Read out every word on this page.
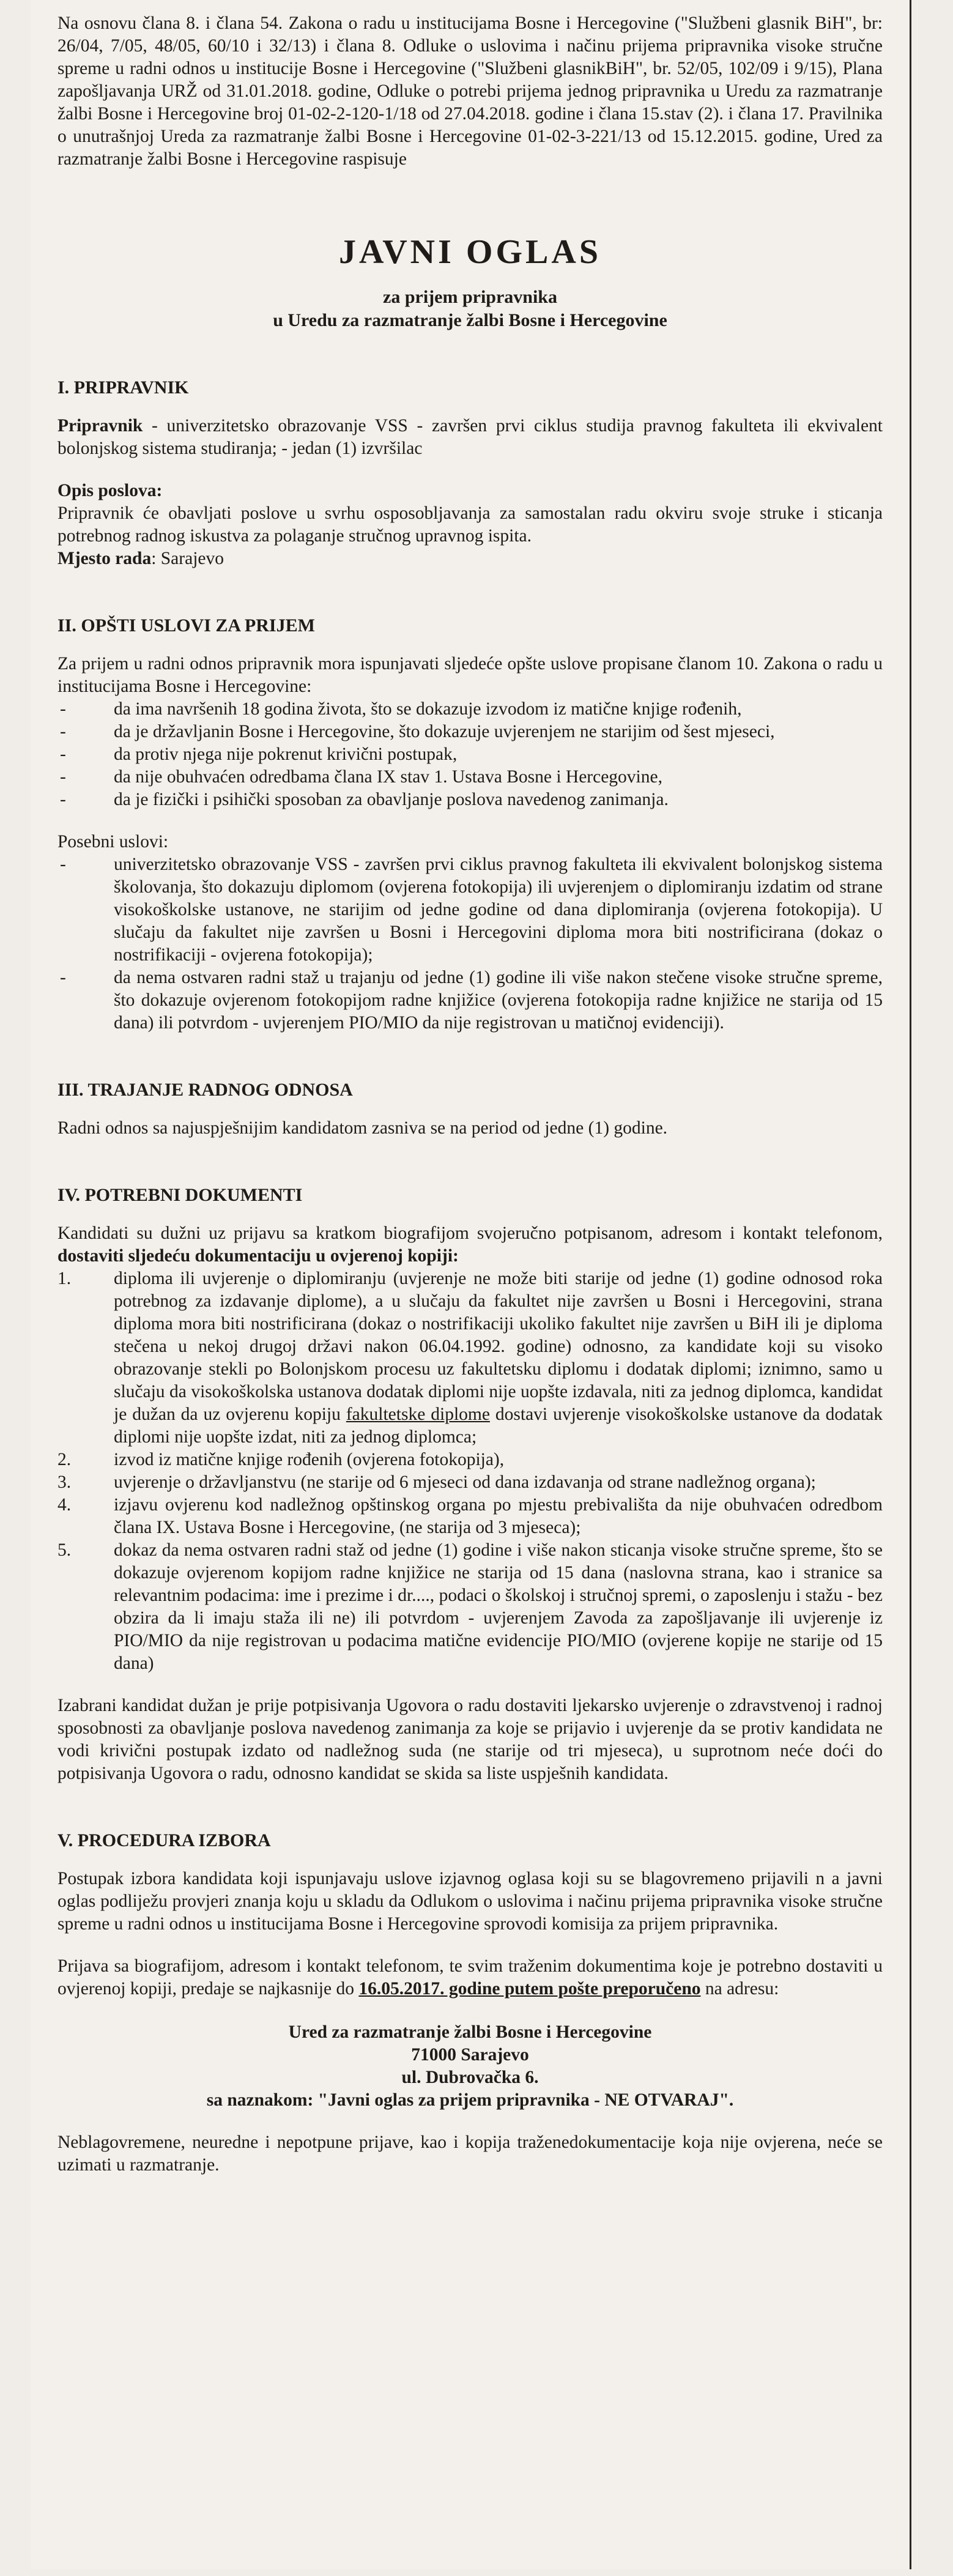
Na osnovu člana 8. i člana 54. Zakona o radu u institucijama Bosne i Hercegovine ("Službeni glasnik BiH", br: 26/04, 7/05, 48/05, 60/10 i 32/13) i člana 8. Odluke o uslovima i načinu prijema pripravnika visoke stručne spreme u radni odnos u institucije Bosne i Hercegovine ("Službeni glasnikBiH", br. 52/05, 102/09 i 9/15), Plana zapošljavanja URŽ od 31.01.2018. godine, Odluke o potrebi prijema jednog pripravnika u Uredu za razmatranje žalbi Bosne i Hercegovine broj 01-02-2-120-1/18 od 27.04.2018. godine i člana 15.stav (2). i člana 17. Pravilnika o unutrašnjoj Uredа za razmatranje žalbi Bosne i Hercegovine 01-02-3-221/13 od 15.12.2015. godine, Ured za razmatranje žalbi Bosne i Hercegovine raspisuje

JAVNI OGLAS
za prijem pripravnika
u Uredu za razmatranje žalbi Bosne i Hercegovine
I. PRIPRAVNIK

Pripravnik - univerzitetsko obrazovanje VSS - završen prvi ciklus studija pravnog fakulteta ili ekvivalent bolonjskog sistema studiranja; - jedan (1) izvršilac

Opis poslova:

Pripravnik će obavljati poslove u svrhu osposobljavanja za samostalan radu okviru svoje struke i sticanja potrebnog radnog iskustva za polaganje stručnog upravnog ispita.

Mjesto rada: Sarajevo

II. OPŠTI USLOVI ZA PRIJEM

Za prijem u radni odnos pripravnik mora ispunjavati sljedeće opšte uslove propisane članom 10. Zakona o radu u institucijama Bosne i Hercegovine:

- da ima navršenih 18 godina života, što se dokazuje izvodom iz matične knjige rođenih,
- da je državljanin Bosne i Hercegovine, što dokazuje uvjerenjem ne starijim od šest mjeseci,
- da protiv njega nije pokrenut krivični postupak,
- da nije obuhvaćen odredbama člana IX stav 1. Ustava Bosne i Hercegovine,
- da je fizički i psihički sposoban za obavljanje poslova navedenog zanimanja.

Posebni uslovi:

- univerzitetsko obrazovanje VSS - završen prvi ciklus pravnog fakulteta ili ekvivalent bolonjskog sistema školovanja, što dokazuju diplomom (ovjerena fotokopija) ili uvjerenjem o diplomiranju izdatim od strane visokoškolske ustanove, ne starijim od jedne godine od dana diplomiranja (ovjerena fotokopija). U slučaju da fakultet nije završen u Bosni i Hercegovini diploma mora biti nostrificirana (dokaz o nostrifikaciji - ovjerena fotokopija);
- da nema ostvaren radni staž u trajanju od jedne (1) godine ili više nakon stečene visoke stručne spreme, što dokazuje ovjerenom fotokopijom radne knjižice (ovjerena fotokopija radne knjižice ne starija od 15 dana) ili potvrdom - uvjerenjem PIO/MIO da nije registrovan u matičnoj evidenciji).
III. TRAJANJE RADNOG ODNOSA

Radni odnos sa najuspješnijim kandidatom zasniva se na period od jedne (1) godine.

IV. POTREBNI DOKUMENTI

Kandidati su dužni uz prijavu sa kratkom biografijom svojeručno potpisanom, adresom i kontakt telefonom, dostaviti sljedeću dokumentaciju u ovjerenoj kopiji:

1. diploma ili uvjerenje o diplomiranju (uvjerenje ne može biti starije od jedne (1) godine odnosod roka potrebnog za izdavanje diplome), a u slučaju da fakultet nije završen u Bosni i Hercegovini, strana diploma mora biti nostrificirana (dokaz o nostrifikaciji ukoliko fakultet nije završen u BiH ili je diploma stečena u nekoj drugoj državi nakon 06.04.1992. godine) odnosno, za kandidate koji su visoko obrazovanje stekli po Bolonjskom procesu uz fakultetsku diplomu i dodatak diplomi; iznimno, samo u slučaju da visokoškolska ustanova dodatak diplomi nije uopšte izdavala, niti za jednog diplomca, kandidat je dužan da uz ovjerenu kopiju fakultetske diplome dostavi uvjerenje visokoškolske ustanove da dodatak diplomi nije uopšte izdat, niti za jednog diplomca;
2. izvod iz matične knjige rođenih (ovjerena fotokopija),
3. uvjerenje o državljanstvu (ne starije od 6 mjeseci od dana izdavanja od strane nadležnog organa);
4. izjavu ovjerenu kod nadležnog opštinskog organa po mjestu prebivališta da nije obuhvaćen odredbom člana IX. Ustava Bosne i Hercegovine, (ne starija od 3 mjeseca);
5. dokaz da nema ostvaren radni staž od jedne (1) godine i više nakon sticanja visoke stručne spreme, što se dokazuje ovjerenom kopijom radne knjižice ne starija od 15 dana (naslovna strana, kao i stranice sa relevantnim podacima: ime i prezime i dr...., podaci o školskoj i stručnoj spremi, o zaposlenju i stažu - bez obzira da li imaju staža ili ne) ili potvrdom - uvjerenjem Zavoda za zapošljavanje ili uvjerenje iz PIO/MIO da nije registrovan u podacima matične evidencije PIO/MIO (ovjerene kopije ne starije od 15 dana)

Izabrani kandidat dužan je prije potpisivanja Ugovora o radu dostaviti ljekarsko uvjerenje o zdravstvenoj i radnoj sposobnosti za obavljanje poslova navedenog zanimanja za koje se prijavio i uvjerenje da se protiv kandidata ne vodi krivični postupak izdato od nadležnog suda (ne starije od tri mjeseca), u suprotnom neće doći do potpisivanja Ugovora o radu, odnosno kandidat se skida sa liste uspješnih kandidata.

V. PROCEDURA IZBORA

Postupak izbora kandidata koji ispunjavaju uslove izjavnog oglasa koji su se blagovremeno prijavili n a javni oglas podliježu provjeri znanja koju u skladu da Odlukom o uslovima i načinu prijema pripravnika visoke stručne spreme u radni odnos u institucijama Bosne i Hercegovine sprovodi komisija za prijem pripravnika.

Prijava sa biografijom, adresom i kontakt telefonom, te svim traženim dokumentima koje je potrebno dostaviti u ovjerenoj kopiji, predaje se najkasnije do 16.05.2017. godine putem pošte preporučeno na adresu:

Ured za razmatranje žalbi Bosne i Hercegovine
71000 Sarajevo
ul. Dubrovačka 6.
sa naznakom: "Javni oglas za prijem pripravnika - NE OTVARAJ".

Neblagovremene, neuredne i nepotpune prijave, kao i kopija traženedokumentacije koja nije ovjerena, neće se uzimati u razmatranje.
